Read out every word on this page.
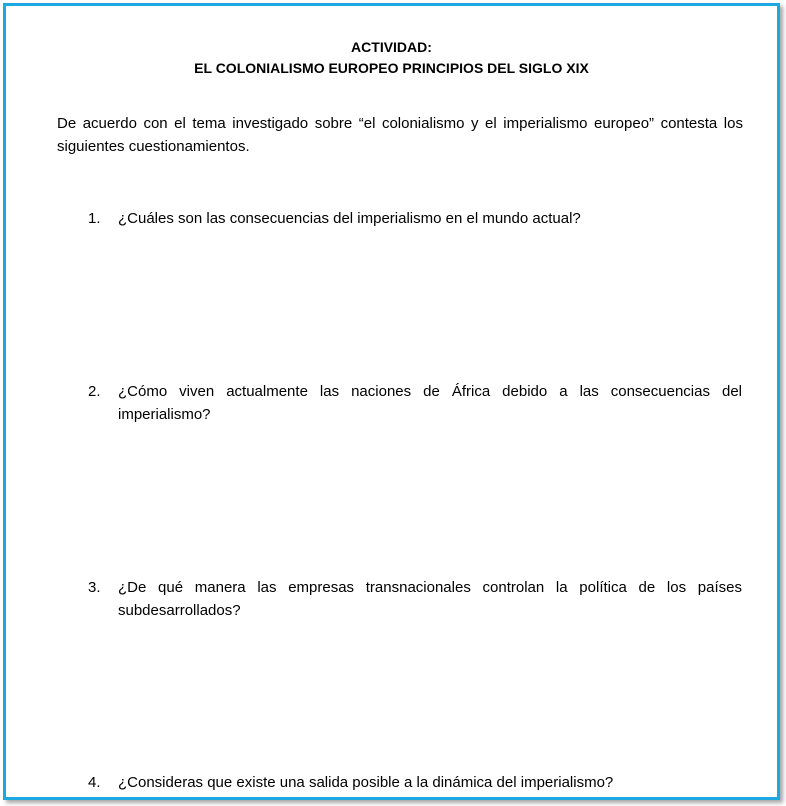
ACTIVIDAD:
EL COLONIALISMO EUROPEO PRINCIPIOS DEL SIGLO XIX
De acuerdo con el tema investigado sobre “el colonialismo y el imperialismo europeo” contesta los siguientes cuestionamientos.
1.	¿Cuáles son las consecuencias del imperialismo en el mundo actual?
2.	¿Cómo viven actualmente las naciones de África debido a las consecuencias del imperialismo?
3.	¿De qué manera las empresas transnacionales controlan la política de los países subdesarrollados?
4.	¿Consideras que existe una salida posible a la dinámica del imperialismo?
